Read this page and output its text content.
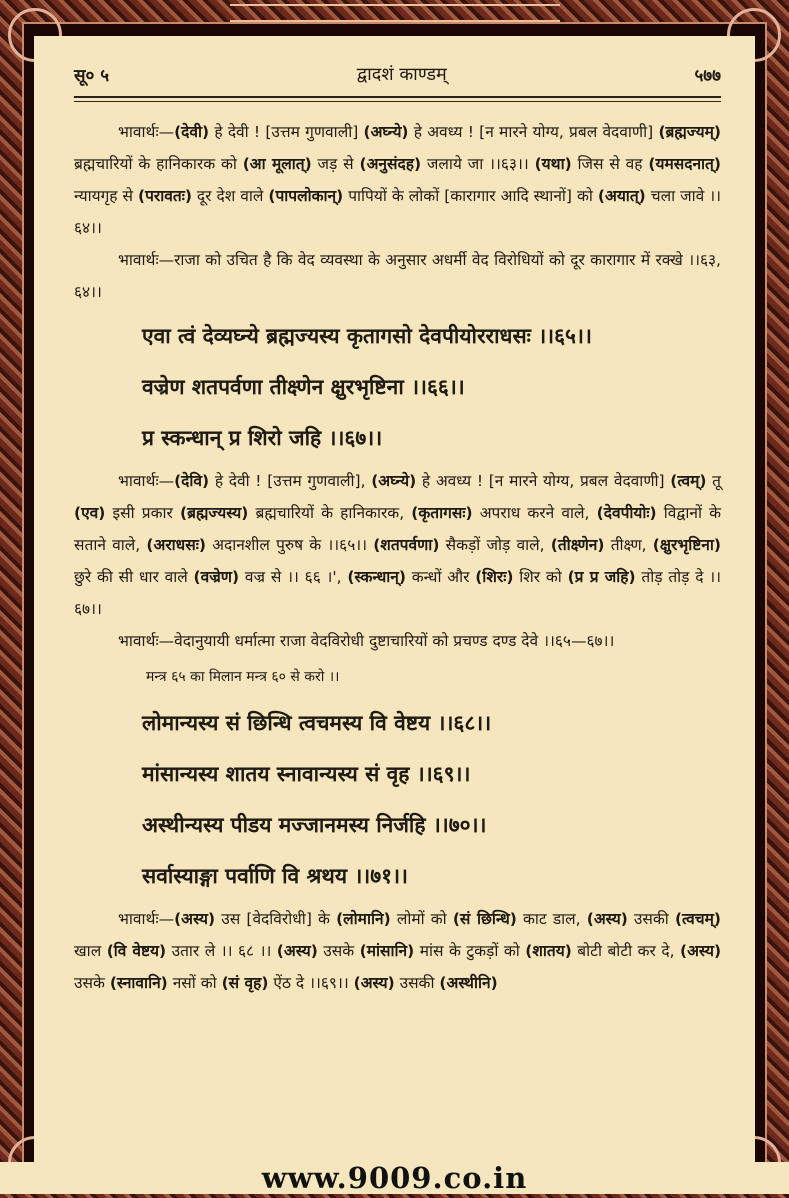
सू० ५	द्वादशं काण्डम्	५७७

भावार्थः—(देवी) हे देवी ! [उत्तम गुणवाली] (अघ्न्ये) हे अवध्य ! [न मारने योग्य, प्रबल वेदवाणी] (ब्रह्मज्यम्) ब्रह्मचारियों के हानिकारक को (आ मूलात्) जड़ से (अनुसंदह) जलाये जा ।।६३।। (यथा) जिस से वह (यमसदनात्) न्यायगृह से (परावतः) दूर देश वाले (पापलोकान्) पापियों के लोकों [कारागार आदि स्थानों] को (अयात्) चला जावे ।।६४।।

भावार्थः—राजा को उचित है कि वेद व्यवस्था के अनुसार अधर्मी वेद विरोधियों को दूर कारागार में रक्खे ।।६३, ६४।।

एवा त्वं देव्यघ्न्ये ब्रह्मज्यस्य कृतागसो देवपीयोरराधसः ।।६५।।
वज्रेण शतपर्वणा तीक्ष्णेन क्षुरभृष्टिना ।।६६।।
प्र स्कन्धान् प्र शिरो जहि ।।६७।।

भावार्थः—(देवि) हे देवी ! [उत्तम गुणवाली], (अघ्न्ये) हे अवध्य ! [न मारने योग्य, प्रबल वेदवाणी] (त्वम्) तू (एव) इसी प्रकार (ब्रह्मज्यस्य) ब्रह्मचारियों के हानिकारक, (कृतागसः) अपराध करने वाले, (देवपीयोः) विद्वानों के सताने वाले, (अराधसः) अदानशील पुरुष के ।।६५।। (शतपर्वणा) सैकड़ों जोड़ वाले, (तीक्ष्णेन) तीक्ष्ण, (क्षुरभृष्टिना) छुरे की सी धार वाले (वज्रेण) वज्र से ।। ६६ ।', (स्कन्धान्) कन्धों और (शिरः) शिर को (प्र प्र जहि) तोड़ तोड़ दे ।।६७।।

भावार्थः—वेदानुयायी धर्मात्मा राजा वेदविरोधी दुष्टाचारियों को प्रचण्ड दण्ड देवे ।।६५—६७।।

मन्त्र ६५ का मिलान मन्त्र ६० से करो ।।
लोमान्यस्य सं छिन्धि त्वचमस्य वि वेष्टय ।।६८।।
मांसान्यस्य शातय स्नावान्यस्य सं वृह ।।६९।।
अस्थीन्यस्य पीडय मज्जानमस्य निर्जहि ।।७०।।
सर्वास्याङ्गा पर्वाणि वि श्रथय ।।७१।।

भावार्थः—(अस्य) उस [वेदविरोधी] के (लोमानि) लोमों को (सं छिन्धि) काट डाल, (अस्य) उसकी (त्वचम्) खाल (वि वेष्टय) उतार ले ।। ६८ ।। (अस्य) उसके (मांसानि) मांस के टुकड़ों को (शातय) बोटी बोटी कर दे, (अस्य) उसके (स्नावानि) नसों को (सं वृह) ऐंठ दे ।।६९।। (अस्य) उसकी (अस्थीनि)

www.9009.co.in
